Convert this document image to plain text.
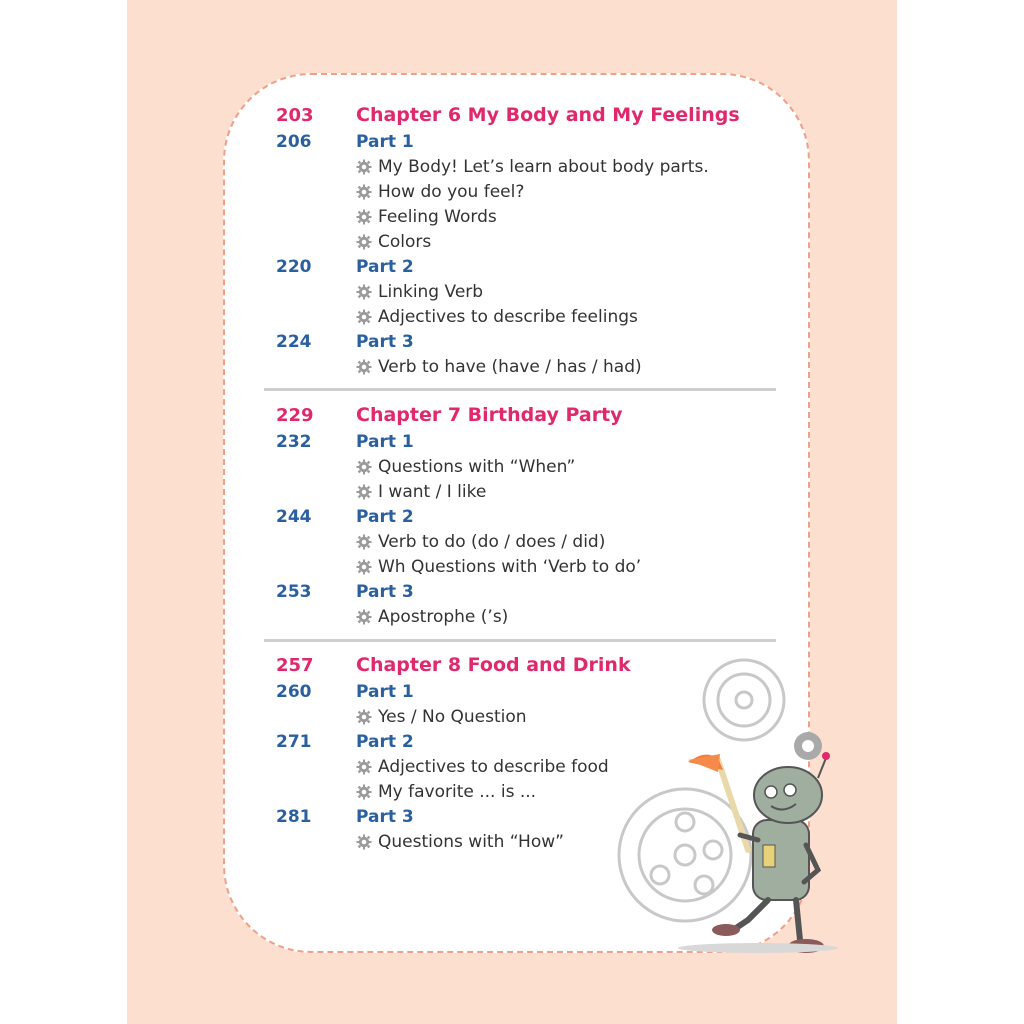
203 Chapter 6 My Body and My Feelings
206	Part 1
My Body! Let’s learn about body parts.
How do you feel?
Feeling Words
Colors
220	Part 2
Linking Verb
Adjectives to describe feelings
224	Part 3
Verb to have (have / has / had)
229 Chapter 7 Birthday Party
232	Part 1
Questions with “When”
I want / I like
244	Part 2
Verb to do (do / does / did)
Wh Questions with ‘Verb to do’
253	Part 3
Apostrophe (’s)
257 Chapter 8 Food and Drink
260	Part 1
Yes / No Question
271	Part 2
Adjectives to describe food
My favorite ... is ...
281	Part 3
Questions with “How”
